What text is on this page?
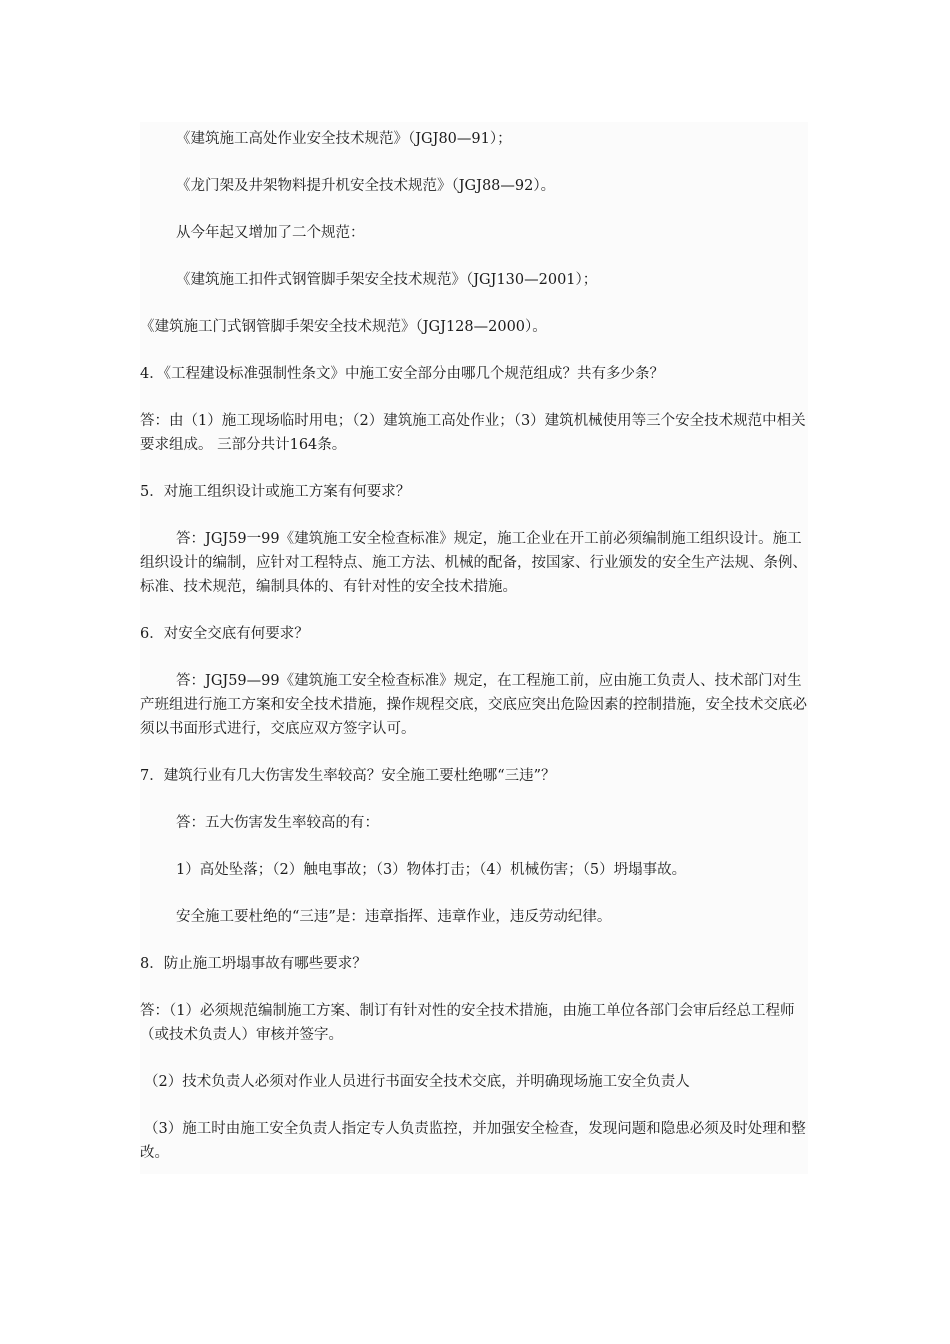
《建筑施工高处作业安全技术规范》（JGJ80—91）；

《龙门架及井架物料提升机安全技术规范》（JGJ88—92）。

从今年起又增加了二个规范：

《建筑施工扣件式钢管脚手架安全技术规范》（JGJ130—2001）；

《建筑施工门式钢管脚手架安全技术规范》（JGJ128—2000）。

4．《工程建设标准强制性条文》中施工安全部分由哪几个规范组成？共有多少条？

答：由（1）施工现场临时用电；（2）建筑施工高处作业；（3）建筑机械使用等三个安全技术规范中相关要求组成。 三部分共计164条。

5．对施工组织设计或施工方案有何要求？

答：JGJ59一99《建筑施工安全检查标准》规定，施工企业在开工前必须编制施工组织设计。施工组织设计的编制，应针对工程特点、施工方法、机械的配备，按国家、行业颁发的安全生产法规、条例、标准、技术规范，编制具体的、有针对性的安全技术措施。

6．对安全交底有何要求？

答：JGJ59—99《建筑施工安全检查标准》规定，在工程施工前，应由施工负责人、技术部门对生产班组进行施工方案和安全技术措施，操作规程交底，交底应突出危险因素的控制措施，安全技术交底必须以书面形式进行，交底应双方签字认可。

7．建筑行业有几大伤害发生率较高？安全施工要杜绝哪“三违”？

答：五大伤害发生率较高的有：

1）高处坠落；（2）触电事故；（3）物体打击；（4）机械伤害；（5）坍塌事故。

安全施工要杜绝的“三违”是：违章指挥、违章作业，违反劳动纪律。

8．防止施工坍塌事故有哪些要求？

答：（1）必须规范编制施工方案、制订有针对性的安全技术措施，由施工单位各部门会审后经总工程师（或技术负责人）审核并签字。

（2）技术负责人必须对作业人员进行书面安全技术交底，并明确现场施工安全负责人

（3）施工时由施工安全负责人指定专人负责监控，并加强安全检查，发现问题和隐患必须及时处理和整改。
